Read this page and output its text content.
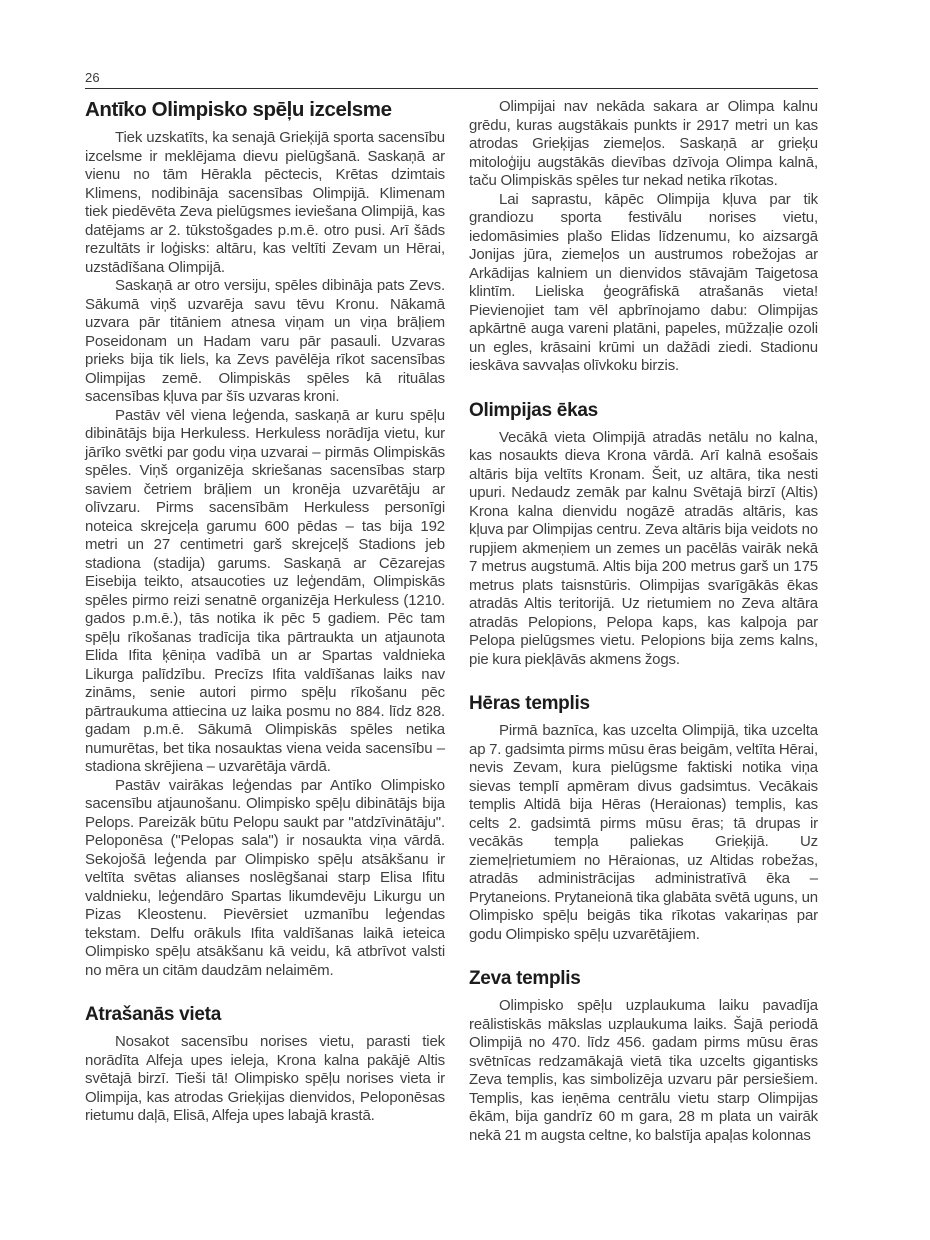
26
Antīko Olimpisko spēļu izcelsme

Tiek uzskatīts, ka senajā Grieķijā sporta sacensību izcelsme ir meklējama dievu pielūgšanā. Saskaņā ar vienu no tām Hērakla pēctecis, Krētas dzimtais Klimens, nodibināja sacensības Olimpijā. Klimenam tiek piedēvēta Zeva pielūgsmes ieviešana Olimpijā, kas datējams ar 2. tūkstošgades p.m.ē. otro pusi. Arī šāds rezultāts ir loģisks: altāru, kas veltīti Zevam un Hērai, uzstādīšana Olimpijā.

Saskaņā ar otro versiju, spēles dibināja pats Zevs. Sākumā viņš uzvarēja savu tēvu Kronu. Nākamā uzvara pār titāniem atnesa viņam un viņa brāļiem Poseidonam un Hadam varu pār pasauli. Uzvaras prieks bija tik liels, ka Zevs pavēlēja rīkot sacensības Olimpijas zemē. Olimpiskās spēles kā rituālas sacensības kļuva par šīs uzvaras kroni.

Pastāv vēl viena leģenda, saskaņā ar kuru spēļu dibinātājs bija Herkuless. Herkuless norādīja vietu, kur jārīko svētki par godu viņa uzvarai – pirmās Olimpiskās spēles. Viņš organizēja skriešanas sacensības starp saviem četriem brāļiem un kronēja uzvarētāju ar olīvzaru. Pirms sacensībām Herkuless personīgi noteica skrejceļa garumu 600 pēdas – tas bija 192 metri un 27 centimetri garš skrejceļš Stadions jeb stadiona (stadija) garums. Saskaņā ar Cēzarejas Eisebija teikto, atsaucoties uz leģendām, Olimpiskās spēles pirmo reizi senatnē organizēja Herkuless (1210. gados p.m.ē.), tās notika ik pēc 5 gadiem. Pēc tam spēļu rīkošanas tradīcija tika pārtraukta un atjaunota Elida Ifita ķēniņa vadībā un ar Spartas valdnieka Likurga palīdzību. Precīzs Ifita valdīšanas laiks nav zināms, senie autori pirmo spēļu rīkošanu pēc pārtraukuma attiecina uz laika posmu no 884. līdz 828. gadam p.m.ē. Sākumā Olimpiskās spēles netika numurētas, bet tika nosauktas viena veida sacensību – stadiona skrējiena – uzvarētāja vārdā.

Pastāv vairākas leģendas par Antīko Olimpisko sacensību atjaunošanu. Olimpisko spēļu dibinātājs bija Pelops. Pareizāk būtu Pelopu saukt par "atdzīvinātāju". Peloponēsa ("Pelopas sala") ir nosaukta viņa vārdā. Sekojošā leģenda par Olimpisko spēļu atsākšanu ir veltīta svētas alianses noslēgšanai starp Elisa Ifitu valdnieku, leģendāro Spartas likumdevēju Likurgu un Pizas Kleostenu. Pievērsiet uzmanību leģendas tekstam. Delfu orākuls Ifita valdīšanas laikā ieteica Olimpisko spēļu atsākšanu kā veidu, kā atbrīvot valsti no mēra un citām daudzām nelaimēm.

Atrašanās vieta

Nosakot sacensību norises vietu, parasti tiek norādīta Alfeja upes ieleja, Krona kalna pakājē Altis svētajā birzī. Tieši tā! Olimpisko spēļu norises vieta ir Olimpija, kas atrodas Grieķijas dienvidos, Peloponēsas rietumu daļā, Elisā, Alfeja upes labajā krastā.

Olimpijai nav nekāda sakara ar Olimpa kalnu grēdu, kuras augstākais punkts ir 2917 metri un kas atrodas Grieķijas ziemeļos. Saskaņā ar grieķu mitoloģiju augstākās dievības dzīvoja Olimpa kalnā, taču Olimpiskās spēles tur nekad netika rīkotas.

Lai saprastu, kāpēc Olimpija kļuva par tik grandiozu sporta festivālu norises vietu, iedomāsimies plašo Elidas līdzenumu, ko aizsargā Jonijas jūra, ziemeļos un austrumos robežojas ar Arkādijas kalniem un dienvidos stāvajām Taigetosa klintīm. Lieliska ģeogrāfiskā atrašanās vieta! Pievienojiet tam vēl apbrīnojamo dabu: Olimpijas apkārtnē auga vareni platāni, papeles, mūžzaļie ozoli un egles, krāsaini krūmi un dažādi ziedi. Stadionu ieskāva savvaļas olīvkoku birzis.

Olimpijas ēkas

Vecākā vieta Olimpijā atradās netālu no kalna, kas nosaukts dieva Krona vārdā. Arī kalnā esošais altāris bija veltīts Kronam. Šeit, uz altāra, tika nesti upuri. Nedaudz zemāk par kalnu Svētajā birzī (Altis) Krona kalna dienvidu nogāzē atradās altāris, kas kļuva par Olimpijas centru. Zeva altāris bija veidots no rupjiem akmeņiem un zemes un pacēlās vairāk nekā 7 metrus augstumā. Altis bija 200 metrus garš un 175 metrus plats taisnstūris. Olimpijas svarīgākās ēkas atradās Altis teritorijā. Uz rietumiem no Zeva altāra atradās Pelopions, Pelopa kaps, kas kalpoja par Pelopa pielūgsmes vietu. Pelopions bija zems kalns, pie kura piekļāvās akmens žogs.

Hēras templis

Pirmā baznīca, kas uzcelta Olimpijā, tika uzcelta ap 7. gadsimta pirms mūsu ēras beigām, veltīta Hērai, nevis Zevam, kura pielūgsme faktiski notika viņa sievas templī apmēram divus gadsimtus. Vecākais templis Altidā bija Hēras (Heraionas) templis, kas celts 2. gadsimtā pirms mūsu ēras; tā drupas ir vecākās tempļa paliekas Grieķijā. Uz ziemeļrietumiem no Hēraionas, uz Altidas robežas, atradās administrācijas administratīvā ēka – Prytaneions. Prytaneionā tika glabāta svētā uguns, un Olimpisko spēļu beigās tika rīkotas vakariņas par godu Olimpisko spēļu uzvarētājiem.

Zeva templis

Olimpisko spēļu uzplaukuma laiku pavadīja reālistiskās mākslas uzplaukuma laiks. Šajā periodā Olimpijā no 470. līdz 456. gadam pirms mūsu ēras svētnīcas redzamākajā vietā tika uzcelts gigantisks Zeva templis, kas simbolizēja uzvaru pār persiešiem. Templis, kas ieņēma centrālu vietu starp Olimpijas ēkām, bija gandrīz 60 m gara, 28 m plata un vairāk nekā 21 m augsta celtne, ko balstīja apaļas kolonnas
